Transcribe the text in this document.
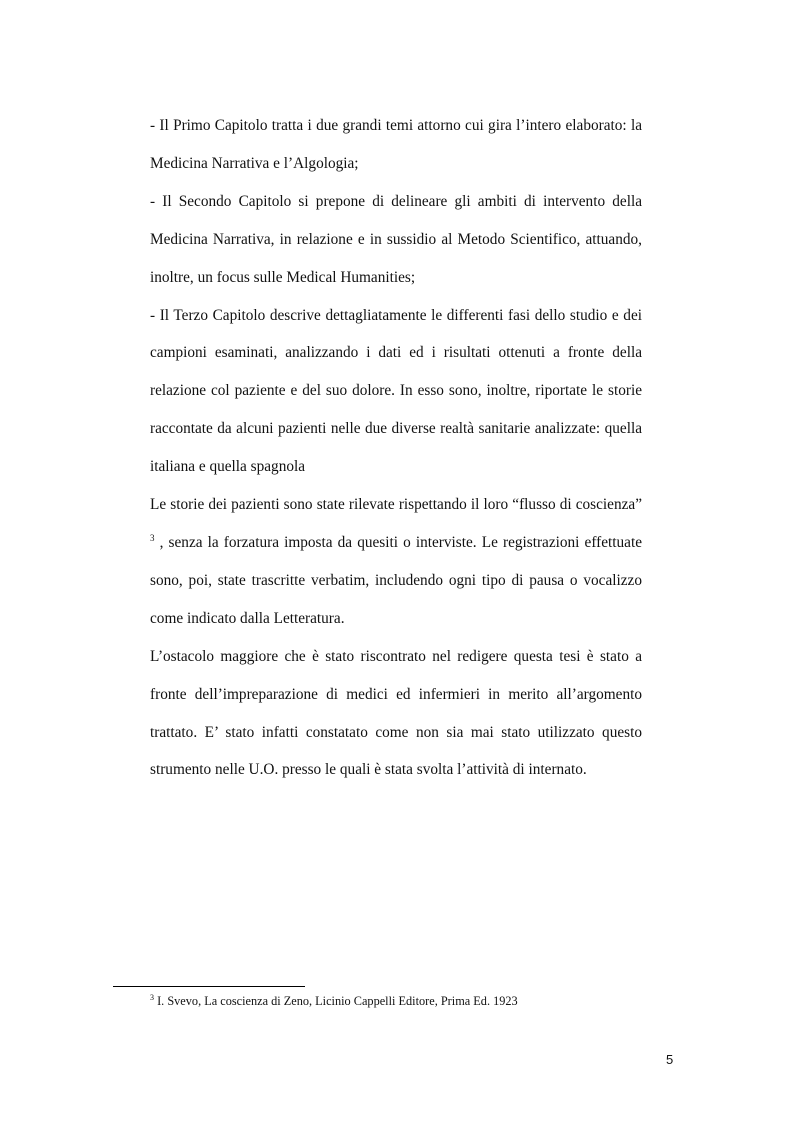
- Il Primo Capitolo tratta i due grandi temi attorno cui gira l’intero elaborato: la Medicina Narrativa e l’Algologia;

- Il Secondo Capitolo si prepone di delineare gli ambiti di intervento della Medicina Narrativa, in relazione e in sussidio al Metodo Scientifico, attuando, inoltre, un focus sulle Medical Humanities;

- Il Terzo Capitolo descrive dettagliatamente le differenti fasi dello studio e dei campioni esaminati, analizzando i dati ed i risultati ottenuti a fronte della relazione col paziente e del suo dolore. In esso sono, inoltre, riportate le storie raccontate da alcuni pazienti nelle due diverse realtà sanitarie analizzate: quella italiana e quella spagnola

Le storie dei pazienti sono state rilevate rispettando il loro “flusso di coscienza” $^3$ , senza la forzatura imposta da quesiti o interviste. Le registrazioni effettuate sono, poi, state trascritte verbatim, includendo ogni tipo di pausa o vocalizzo come indicato dalla Letteratura.

L’ostacolo maggiore che è stato riscontrato nel redigere questa tesi è stato a fronte dell’impreparazione di medici ed infermieri in merito all’argomento trattato. E’ stato infatti constatato come non sia mai stato utilizzato questo strumento nelle U.O. presso le quali è stata svolta l’attività di internato.

$^3$ I. Svevo, La coscienza di Zeno, Licinio Cappelli Editore, Prima Ed. 1923
5
